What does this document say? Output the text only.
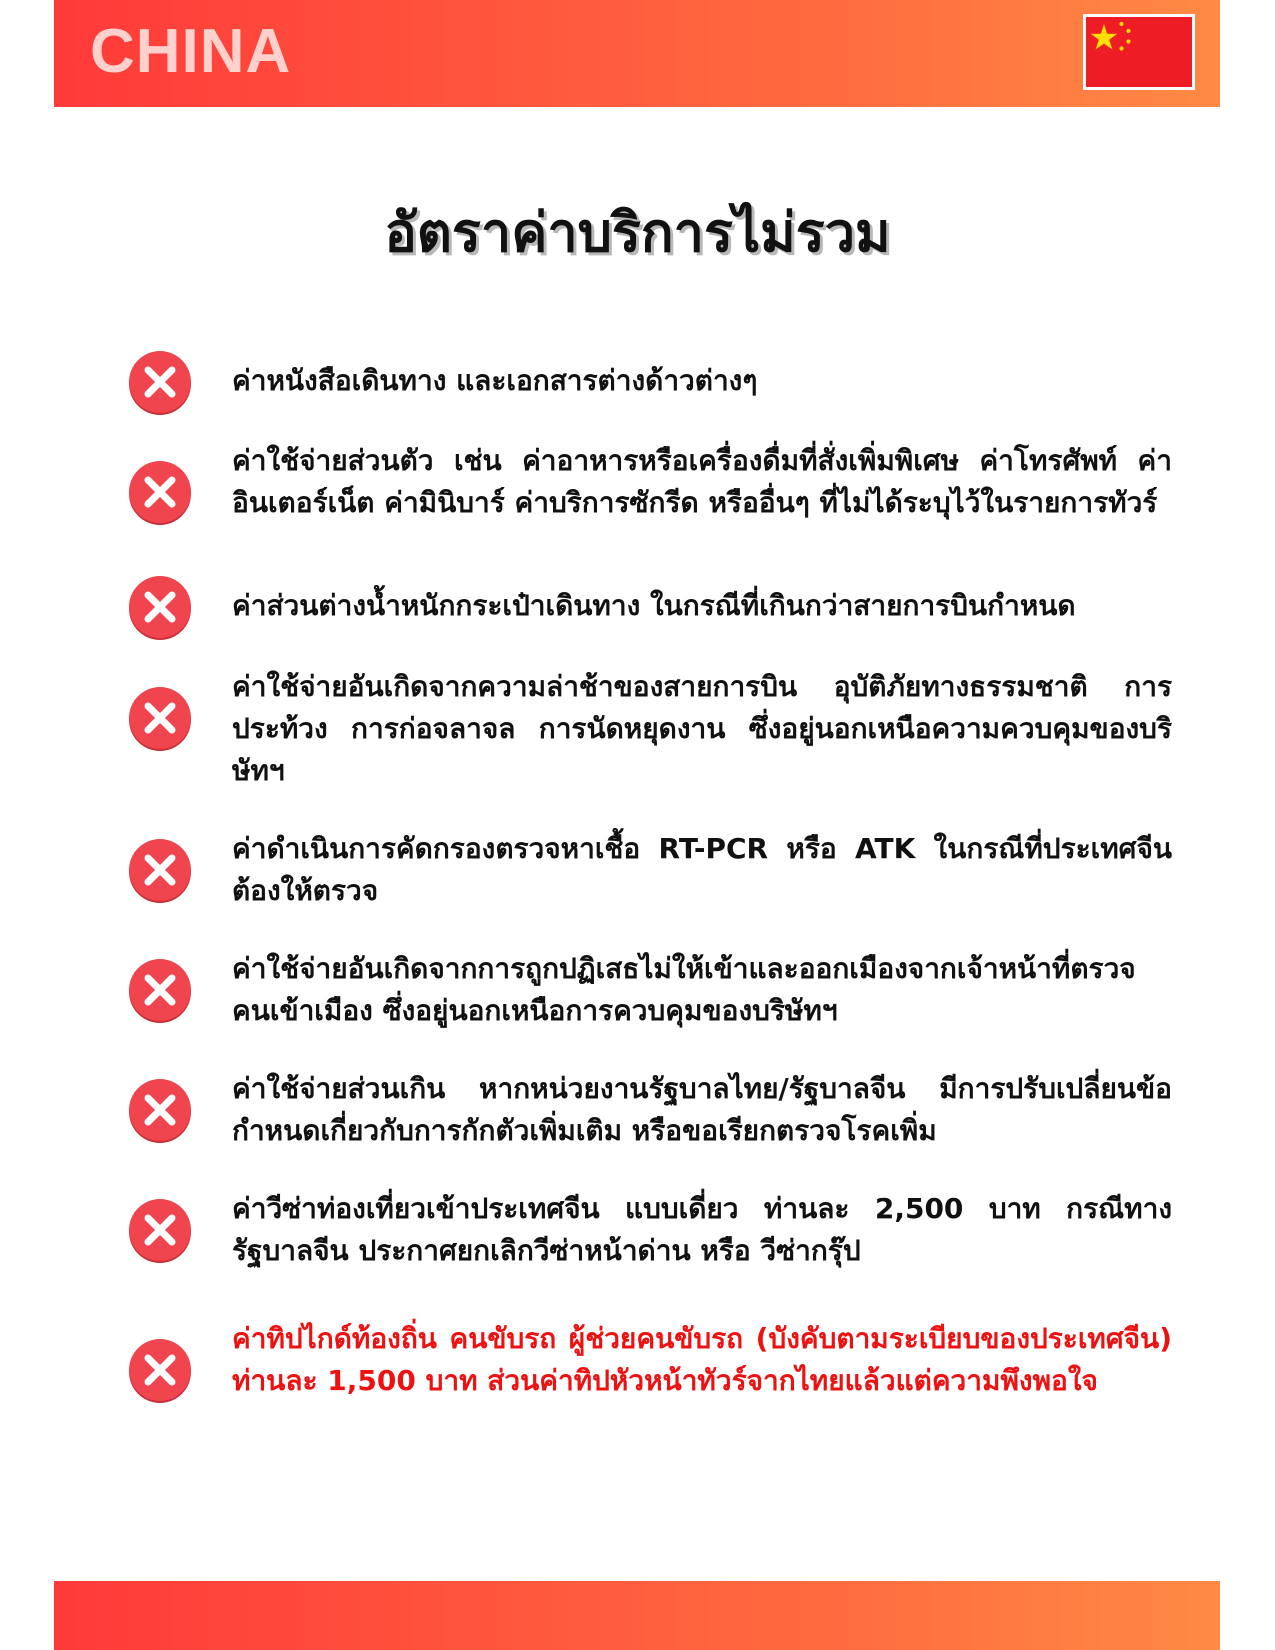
CHINA
อัตราค่าบริการไม่รวม
ค่าหนังสือเดินทาง และเอกสารต่างด้าวต่างๆ
ค่าใช้จ่ายส่วนตัว เช่น ค่าอาหารหรือเครื่องดื่มที่สั่งเพิ่มพิเศษ ค่าโทรศัพท์ ค่าอินเตอร์เน็ต ค่ามินิบาร์ ค่าบริการซักรีด หรืออื่นๆ ที่ไม่ได้ระบุไว้ในรายการทัวร์
ค่าส่วนต่างน้ำหนักกระเป๋าเดินทาง ในกรณีที่เกินกว่าสายการบินกำหนด
ค่าใช้จ่ายอันเกิดจากความล่าช้าของสายการบิน อุบัติภัยทางธรรมชาติ การประท้วง การก่อจลาจล การนัดหยุดงาน ซึ่งอยู่นอกเหนือความควบคุมของบริษัทฯ
ค่าดำเนินการคัดกรองตรวจหาเชื้อ RT-PCR หรือ ATK ในกรณีที่ประเทศจีนต้องให้ตรวจ
ค่าใช้จ่ายอันเกิดจากการถูกปฏิเสธไม่ให้เข้าและออกเมืองจากเจ้าหน้าที่ตรวจคนเข้าเมือง ซึ่งอยู่นอกเหนือการควบคุมของบริษัทฯ
ค่าใช้จ่ายส่วนเกิน หากหน่วยงานรัฐบาลไทย/รัฐบาลจีน มีการปรับเปลี่ยนข้อกำหนดเกี่ยวกับการกักตัวเพิ่มเติม หรือขอเรียกตรวจโรคเพิ่ม
ค่าวีซ่าท่องเที่ยวเข้าประเทศจีน แบบเดี่ยว ท่านละ 2,500 บาท กรณีทางรัฐบาลจีน ประกาศยกเลิกวีซ่าหน้าด่าน หรือ วีซ่ากรุ๊ป
ค่าทิปไกด์ท้องถิ่น คนขับรถ ผู้ช่วยคนขับรถ (บังคับตามระเบียบของประเทศจีน) ท่านละ 1,500 บาท ส่วนค่าทิปหัวหน้าทัวร์จากไทยแล้วแต่ความพึงพอใจ
